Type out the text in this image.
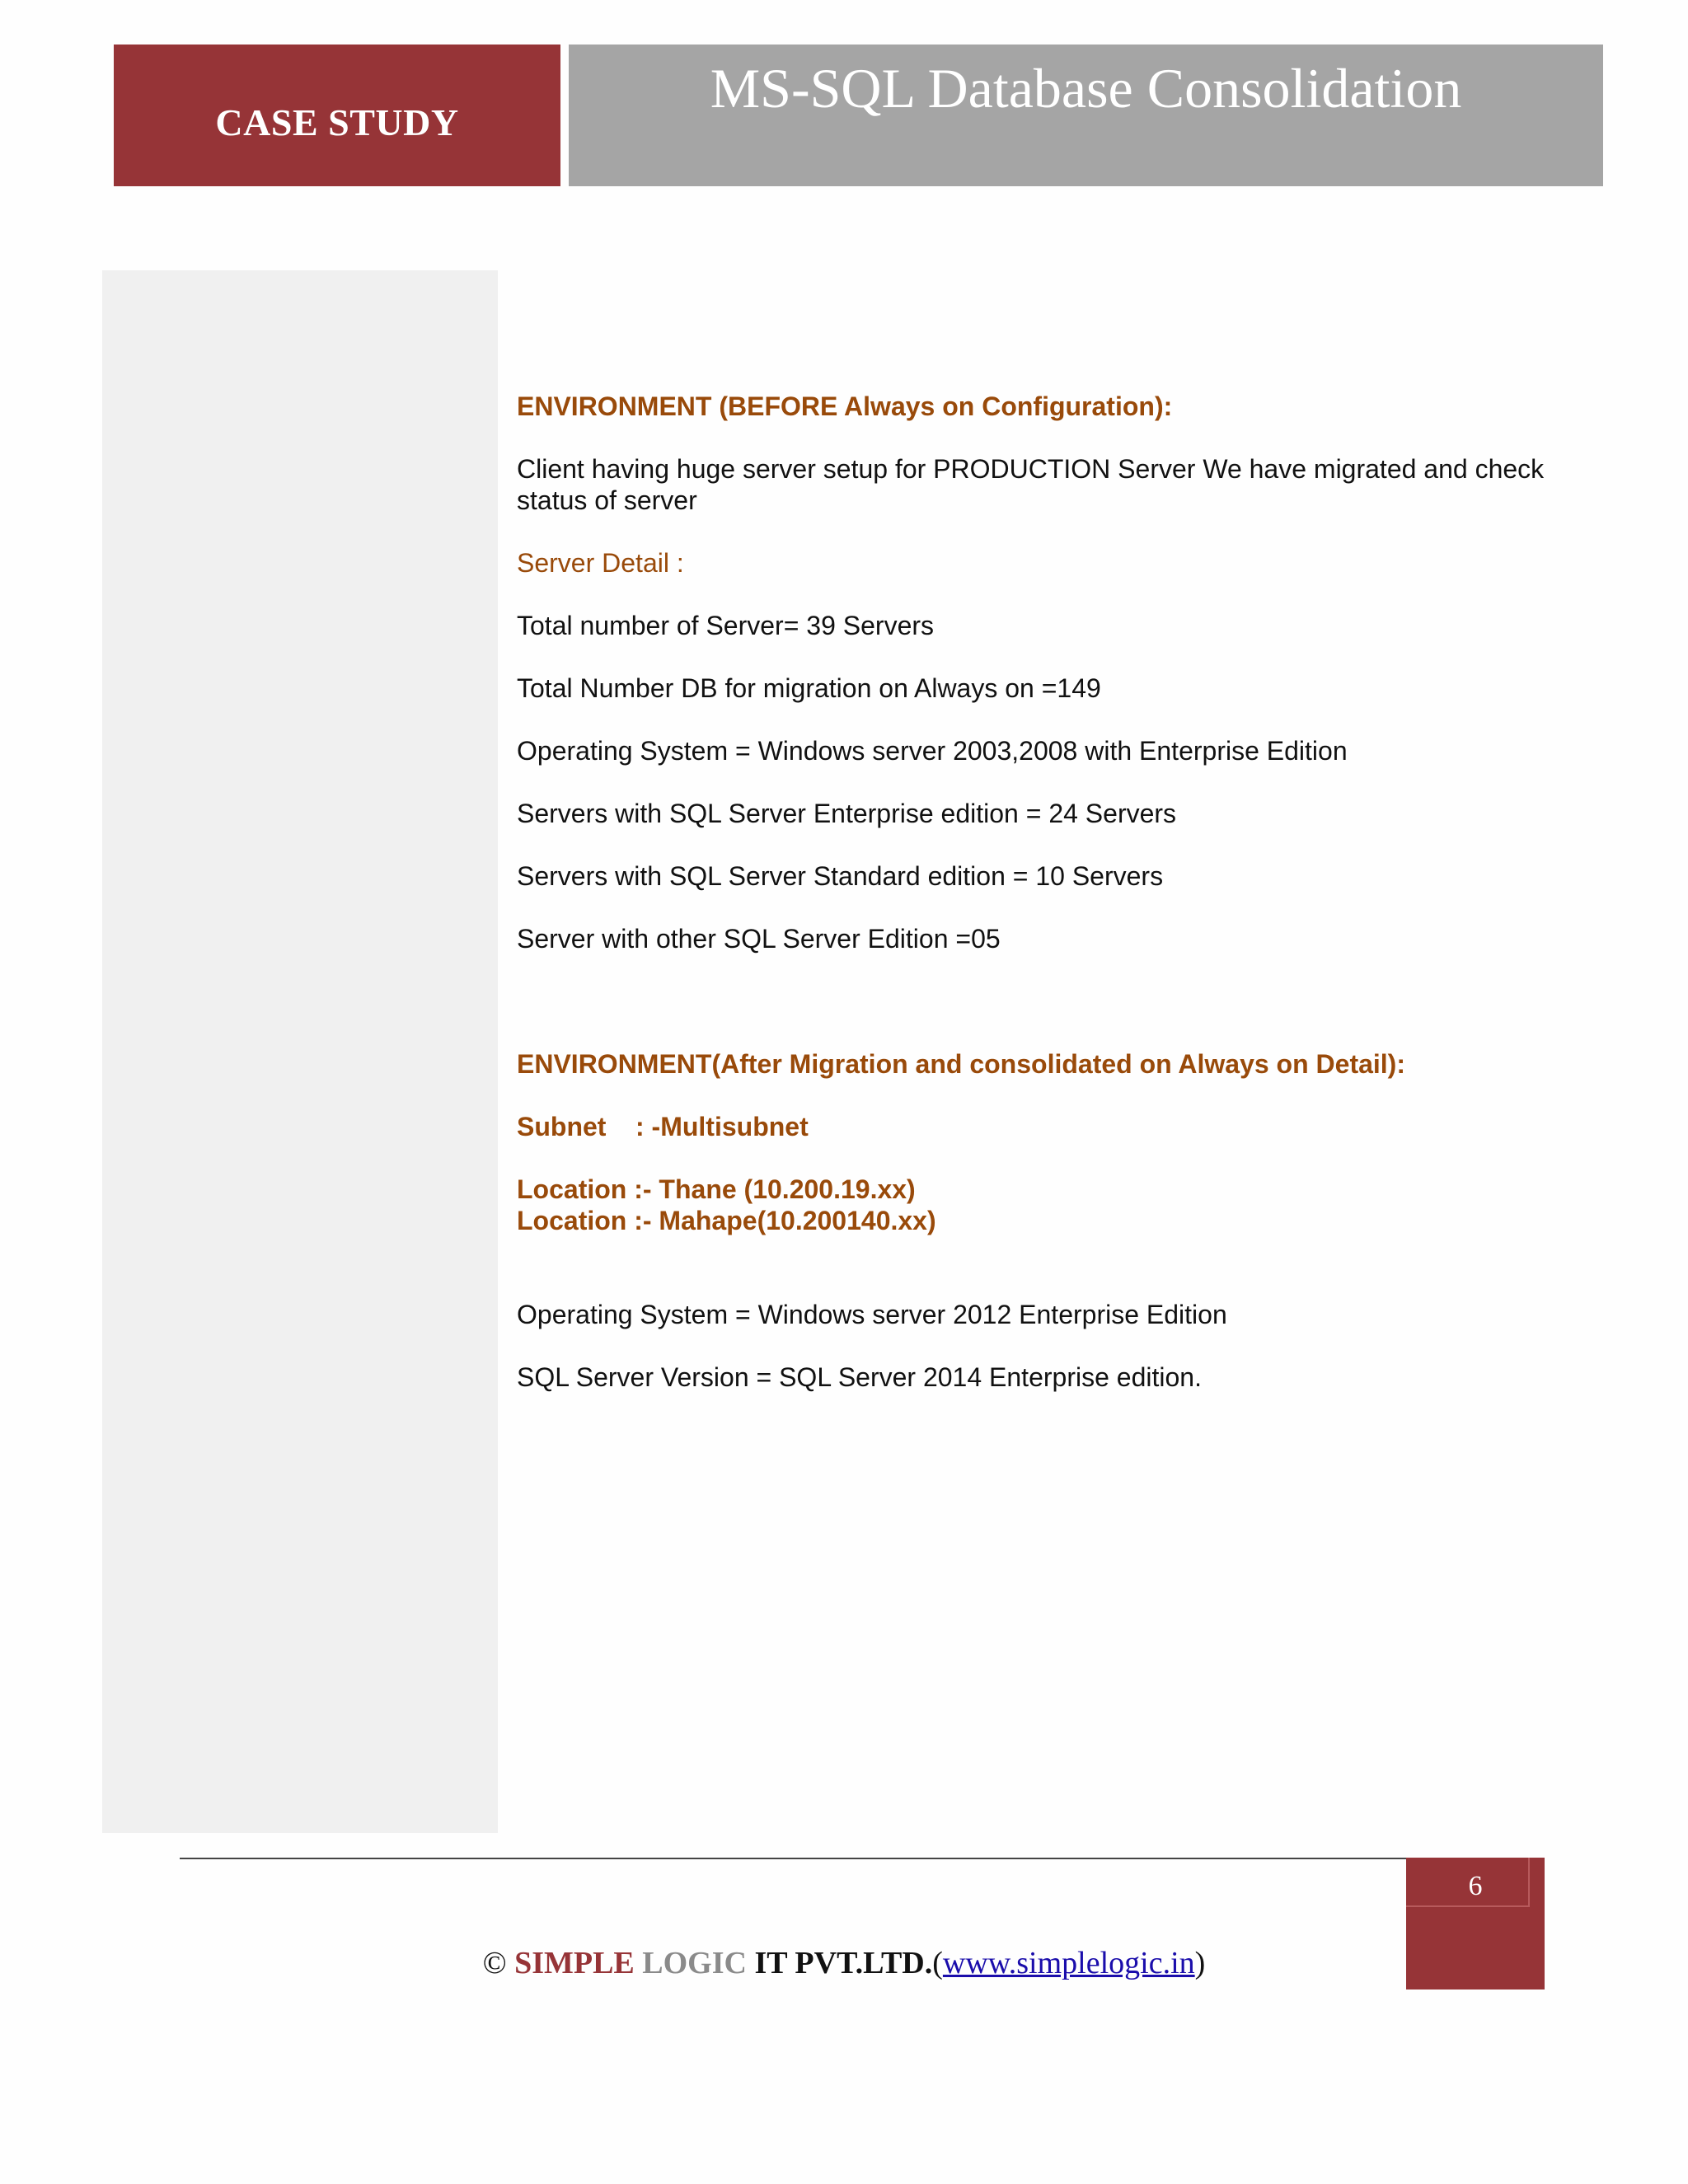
CASE STUDY
MS-SQL Database Consolidation

ENVIRONMENT (BEFORE Always on Configuration):

Client having huge server setup for PRODUCTION Server We have migrated and check

status of server

Server Detail :

Total number of Server= 39 Servers

Total Number DB for migration on Always on =149

Operating System = Windows server 2003,2008 with Enterprise Edition

Servers with SQL Server Enterprise edition = 24 Servers

Servers with SQL Server Standard edition = 10 Servers

Server with other SQL Server Edition =05

ENVIRONMENT(After Migration and consolidated on Always on Detail):

Subnet    : -Multisubnet

Location :- Thane (10.200.19.xx)

Location :- Mahape(10.200140.xx)

Operating System = Windows server 2012 Enterprise Edition

SQL Server Version = SQL Server 2014 Enterprise edition.

6
© SIMPLE LOGIC IT PVT.LTD.(www.simplelogic.in)
